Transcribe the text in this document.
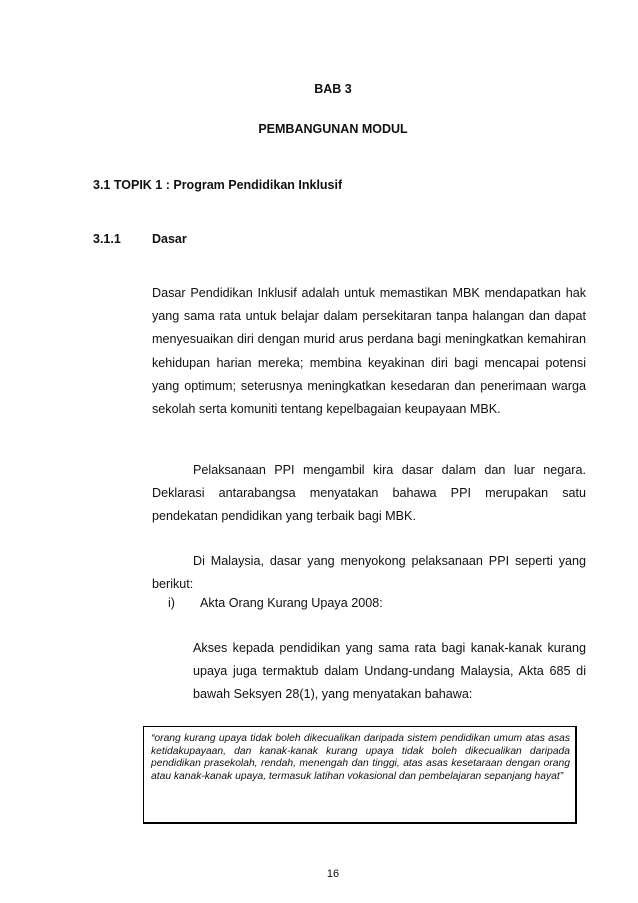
BAB 3
PEMBANGUNAN MODUL
3.1 TOPIK 1 : Program Pendidikan Inklusif
3.1.1 Dasar
Dasar Pendidikan Inklusif adalah untuk memastikan MBK mendapatkan hak yang sama rata untuk belajar dalam persekitaran tanpa halangan dan dapat menyesuaikan diri dengan murid arus perdana bagi meningkatkan kemahiran kehidupan harian mereka; membina keyakinan diri bagi mencapai potensi yang optimum; seterusnya meningkatkan kesedaran dan penerimaan warga sekolah serta komuniti tentang kepelbagaian keupayaan MBK.
Pelaksanaan PPI mengambil kira dasar dalam dan luar negara. Deklarasi antarabangsa menyatakan bahawa PPI merupakan satu pendekatan pendidikan yang terbaik bagi MBK.
Di Malaysia, dasar yang menyokong pelaksanaan PPI seperti yang berikut:
i) Akta Orang Kurang Upaya 2008:
Akses kepada pendidikan yang sama rata bagi kanak-kanak kurang upaya juga termaktub dalam Undang-undang Malaysia, Akta 685 di bawah Seksyen 28(1), yang menyatakan bahawa:
“orang kurang upaya tidak boleh dikecualikan daripada sistem pendidikan umum atas asas ketidakupayaan, dan kanak-kanak kurang upaya tidak boleh dikecualikan daripada pendidikan prasekolah, rendah, menengah dan tinggi, atas asas kesetaraan dengan orang atau kanak-kanak upaya, termasuk latihan vokasional dan pembelajaran sepanjang hayat”
16
